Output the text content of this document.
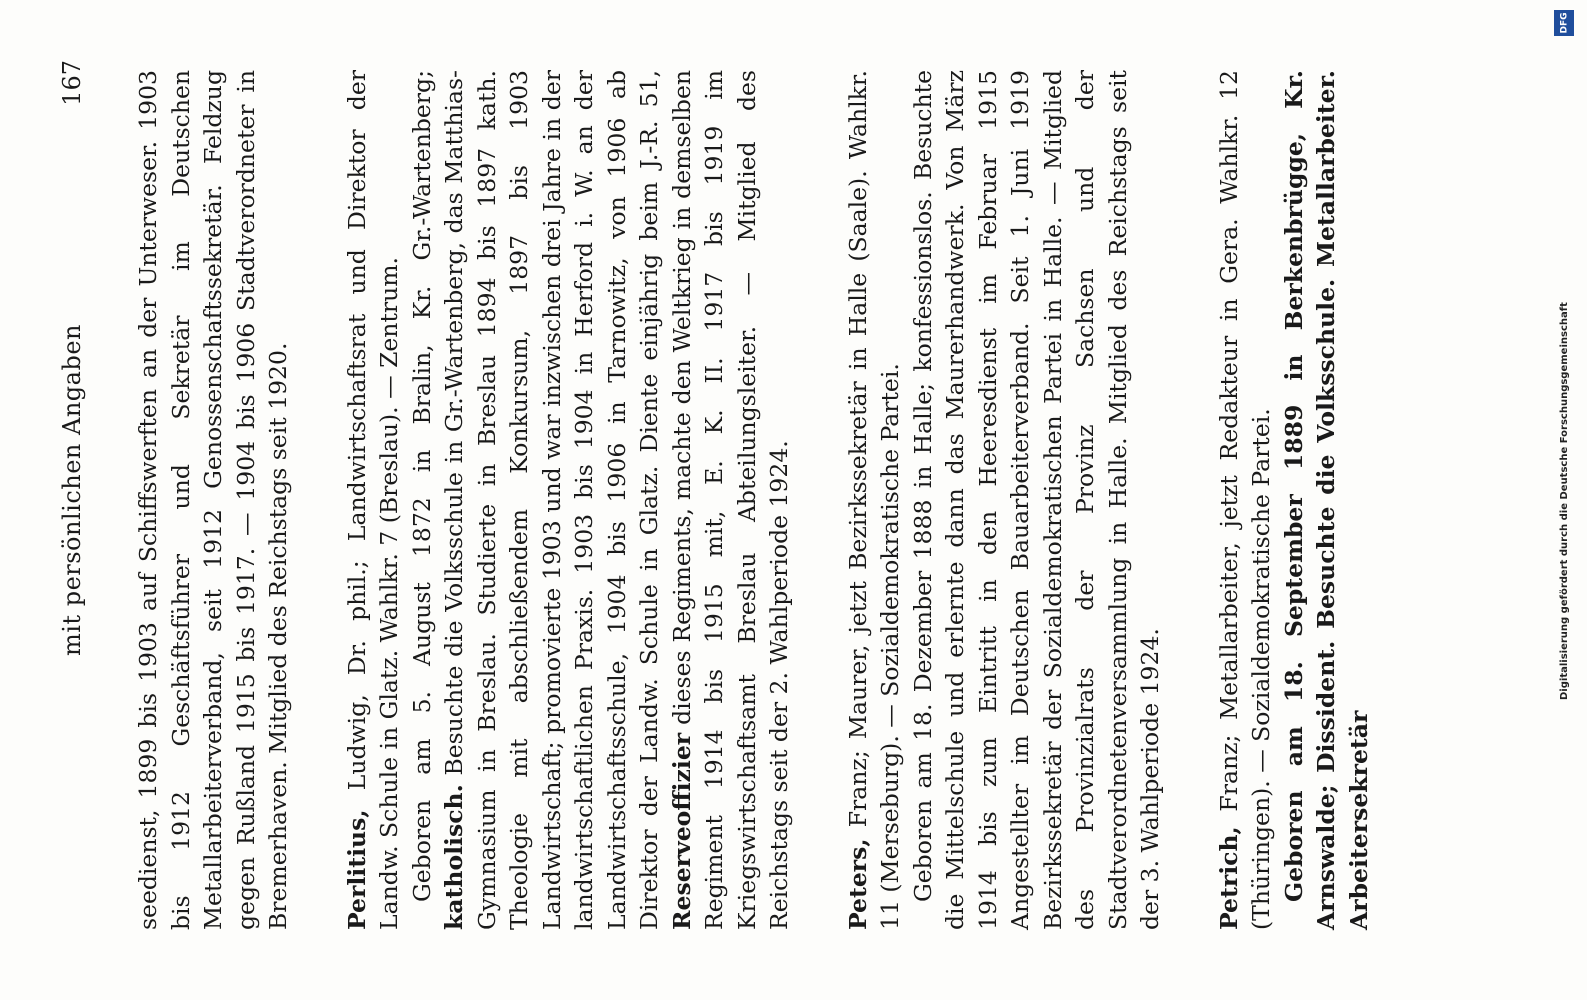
mit persönlichen Angaben
167 seedienst, 1899 bis 1903 auf Schiffswerften an der Unterweser. 1903 bis 1912 Geschäftsführer und Sekretär im Deutschen Metallarbeiterverband, seit 1912 Genossenschaftssekretär. Feldzug gegen Rußland 1915 bis 1917. — 1904 bis 1906 Stadtverordneter in Bremerhaven. Mitglied des Reichstags seit 1920. Perlitius, Ludwig, Dr. phil.; Landwirtschaftsrat und Direktor der Landw. Schule in Glatz. Wahlkr. 7 (Breslau). — Zentrum. Geboren am 5. August 1872 in Bralin, Kr. Gr.-Wartenberg; katholisch. Besuchte die Volksschule in Gr.-Wartenberg, das Matthias-Gymnasium in Breslau. Studierte in Breslau 1894 bis 1897 kath. Theologie mit abschließendem Konkursum, 1897 bis 1903 Landwirtschaft; promovierte 1903 und war inzwischen drei Jahre in der landwirtschaftlichen Praxis. 1903 bis 1904 in Herford i. W. an der Landwirtschaftsschule, 1904 bis 1906 in Tarnowitz, von 1906 ab Direktor der Landw. Schule in Glatz. Diente einjährig beim J.-R. 51, Reserveoffizier dieses Regiments, machte den Weltkrieg in demselben Regiment 1914 bis 1915 mit, E. K. II. 1917 bis 1919 im Kriegswirtschaftsamt Breslau Abteilungsleiter. — Mitglied des Reichstags seit der 2. Wahlperiode 1924. Peters, Franz; Maurer, jetzt Bezirkssekretär in Halle (Saale). Wahlkr. 11 (Merseburg). — Sozialdemokratische Partei. Geboren am 18. Dezember 1888 in Halle; konfessionslos. Besuchte die Mittelschule und erlernte dann das Maurerhandwerk. Von März 1914 bis zum Eintritt in den Heeresdienst im Februar 1915 Angestellter im Deutschen Bauarbeiterverband. Seit 1. Juni 1919 Bezirkssekretär der Sozialdemokratischen Partei in Halle. — Mitglied des Provinzialrats der Provinz Sachsen und der Stadtverordnetenversammlung in Halle. Mitglied des Reichstags seit der 3. Wahlperiode 1924. Petrich, Franz; Metallarbeiter, jetzt Redakteur in Gera. Wahlkr. 12 (Thüringen). — Sozialdemokratische Partei. Geboren am 18. September 1889 in Berkenbrügge, Kr. Arnswalde; Dissident. Besuchte die Volksschule. Metallarbeiter. Arbeitersekretär

DFG
Digitalisierung gefördert durch die Deutsche Forschungsgemeinschaft
